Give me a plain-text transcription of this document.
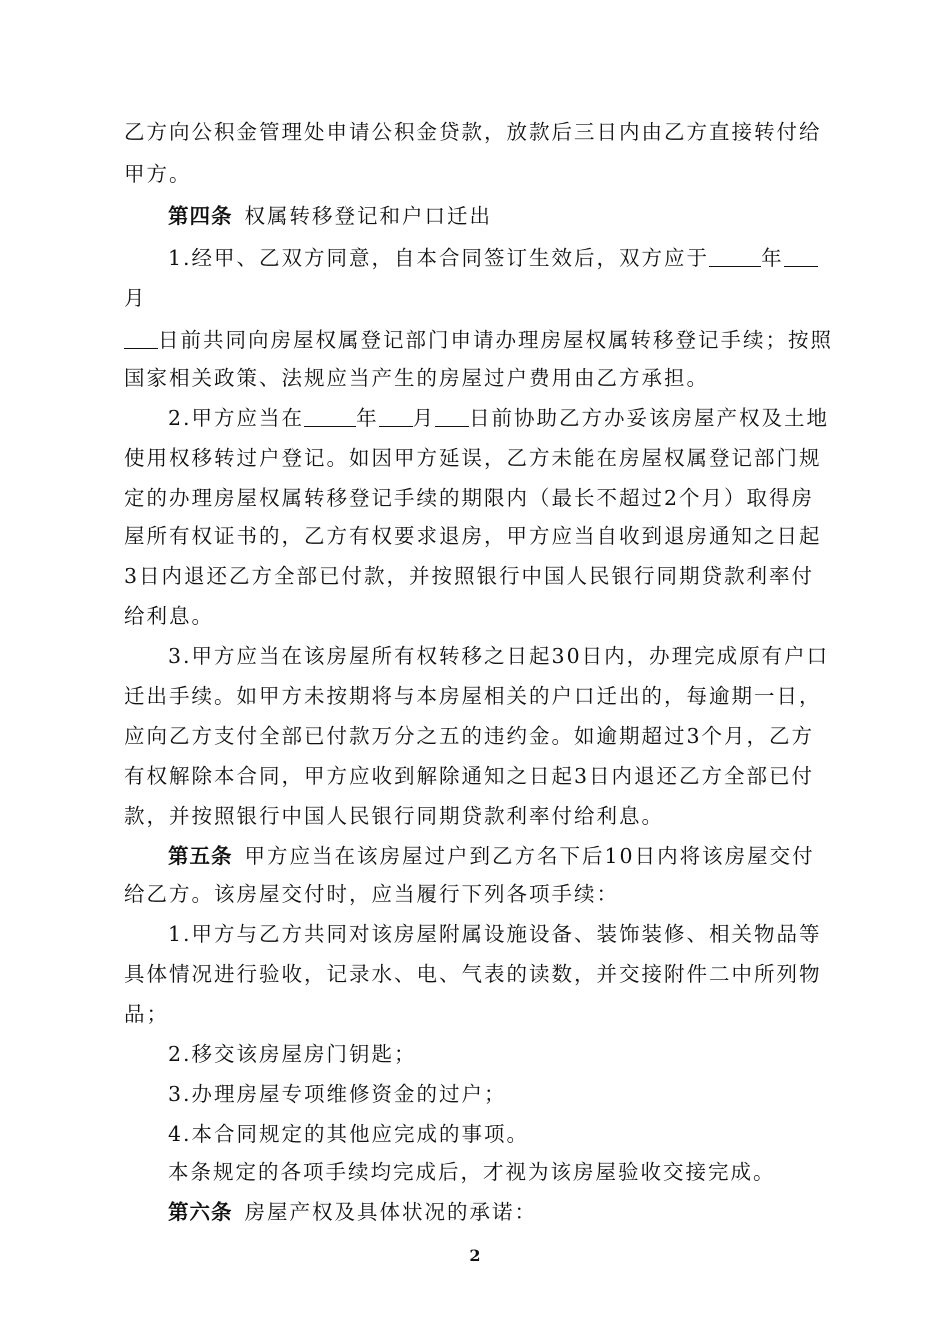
乙方向公积金管理处申请公积金贷款，放款后三日内由乙方直接转付给
甲方。
第四条 权属转移登记和户口迁出
1.经甲、乙双方同意，自本合同签订生效后，双方应于	年
月
日前共同向房屋权属登记部门申请办理房屋权属转移登记手续；按照
国家相关政策、法规应当产生的房屋过户费用由乙方承担。
2.甲方应当在	年 月 日前协助乙方办妥该房屋产权及土地
使用权移转过户登记。如因甲方延误，乙方未能在房屋权属登记部门规
定的办理房屋权属转移登记手续的期限内（最长不超过2个月）取得房
屋所有权证书的，乙方有权要求退房，甲方应当自收到退房通知之日起
3日内退还乙方全部已付款，并按照银行中国人民银行同期贷款利率付
给利息。
3.甲方应当在该房屋所有权转移之日起30日内，办理完成原有户口
迁出手续。如甲方未按期将与本房屋相关的户口迁出的，每逾期一日，
应向乙方支付全部已付款万分之五的违约金。如逾期超过3个月，乙方
有权解除本合同，甲方应收到解除通知之日起3日内退还乙方全部已付
款，并按照银行中国人民银行同期贷款利率付给利息。
第五条 甲方应当在该房屋过户到乙方名下后10日内将该房屋交付
给乙方。该房屋交付时，应当履行下列各项手续：
1.甲方与乙方共同对该房屋附属设施设备、装饰装修、相关物品等
具体情况进行验收，记录水、电、气表的读数，并交接附件二中所列物
品；
2.移交该房屋房门钥匙；
3.办理房屋专项维修资金的过户；
4.本合同规定的其他应完成的事项。
本条规定的各项手续均完成后，才视为该房屋验收交接完成。
第六条 房屋产权及具体状况的承诺：
2
